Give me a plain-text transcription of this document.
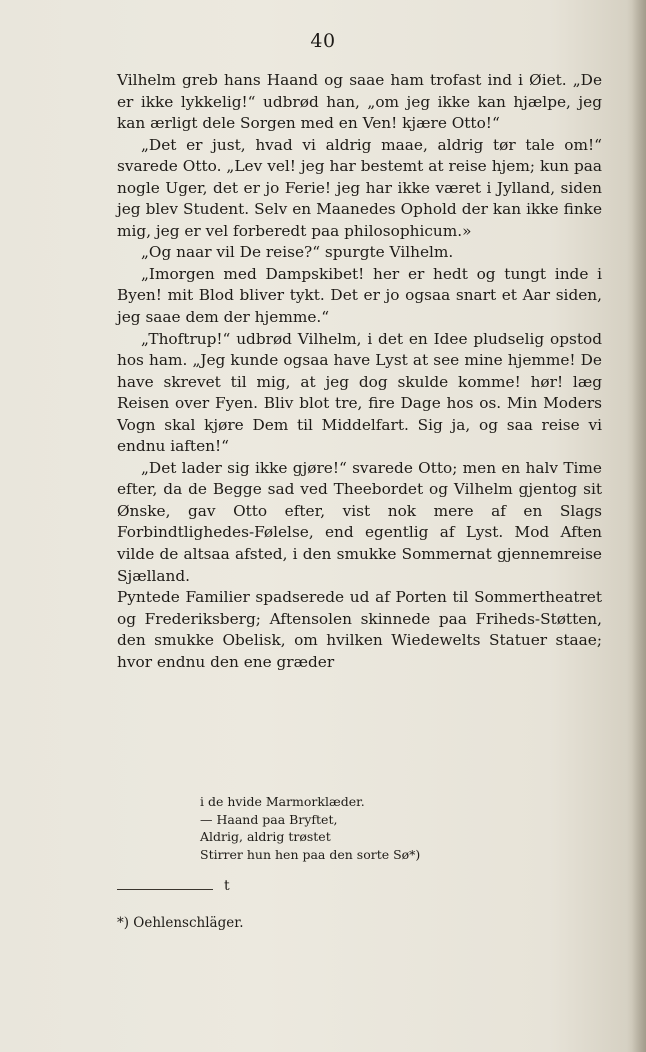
40

Vilhelm greb hans Haand og saae ham trofast ind i Øiet. „De er ikke lykkelig!“ udbrød han, „om jeg ikke kan hjælpe, jeg kan ærligt dele Sorgen med en Ven! kjære Otto!“

„Det er just, hvad vi aldrig maae, aldrig tør tale om!“ svarede Otto. „Lev vel! jeg har bestemt at reise hjem; kun paa nogle Uger, det er jo Ferie! jeg har ikke været i Jylland, siden jeg blev Student. Selv en Maanedes Ophold der kan ikke finke mig, jeg er vel forberedt paa philosophicum.»

„Og naar vil De reise?“ spurgte Vilhelm.

„Imorgen med Dampskibet! her er hedt og tungt inde i Byen! mit Blod bliver tykt. Det er jo ogsaa snart et Aar siden, jeg saae dem der hjemme.“

„Thoftrup!“ udbrød Vilhelm, i det en Idee pludselig opstod hos ham. „Jeg kunde ogsaa have Lyst at see mine hjemme! De have skrevet til mig, at jeg dog skulde komme! hør! læg Reisen over Fyen. Bliv blot tre, fire Dage hos os. Min Moders Vogn skal kjøre Dem til Middelfart. Sig ja, og saa reise vi endnu iaften!“

„Det lader sig ikke gjøre!“ svarede Otto; men en halv Time efter, da de Begge sad ved Theebordet og Vilhelm gjentog sit Ønske, gav Otto efter, vist nok mere af en Slags Forbindtlighedes-Følelse, end egentlig af Lyst. Mod Aften vilde de altsaa afsted, i den smukke Sommernat gjennemreise Sjælland.

Pyntede Familier spadserede ud af Porten til Sommertheatret og Frederiksberg; Aftensolen skinnede paa Friheds-Støtten, den smukke Obelisk, om hvilken Wiedewelts Statuer staae; hvor endnu den ene græder

i de hvide Marmorklæder.
— Haand paa Bryftet,
Aldrig, aldrig trøstet
Stirrer hun hen paa den sorte Sø*)
t
*) Oehlenschläger.
